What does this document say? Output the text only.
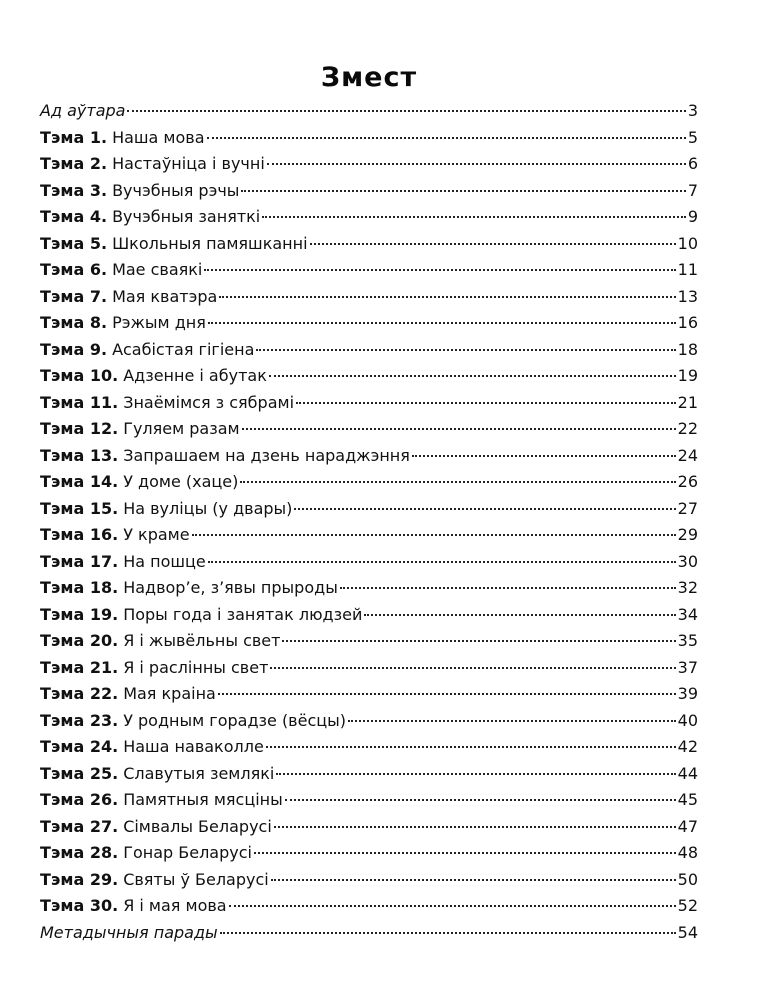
Змест
Ад аўтара	3
Тэма 1. Наша мова	5
Тэма 2. Настаўніца і вучні	6
Тэма 3. Вучэбныя рэчы	7
Тэма 4. Вучэбныя заняткі	9
Тэма 5. Школьныя памяшканні	10
Тэма 6. Мае сваякі	11
Тэма 7. Мая кватэра	13
Тэма 8. Рэжым дня	16
Тэма 9. Асабістая гігіена	18
Тэма 10. Адзенне і абутак	19
Тэма 11. Знаёмімся з сябрамі	21
Тэма 12. Гуляем разам	22
Тэма 13. Запрашаем на дзень нараджэння	24
Тэма 14. У доме (хаце)	26
Тэма 15. На вуліцы (у двары)	27
Тэма 16. У краме	29
Тэма 17. На пошце	30
Тэма 18. Надвор’е, з’явы прыроды	32
Тэма 19. Поры года і занятак людзей	34
Тэма 20. Я і жывёльны свет	35
Тэма 21. Я і раслінны свет	37
Тэма 22. Мая краіна	39
Тэма 23. У родным горадзе (вёсцы)	40
Тэма 24. Наша наваколле	42
Тэма 25. Славутыя землякі	44
Тэма 26. Памятныя мясціны	45
Тэма 27. Сімвалы Беларусі	47
Тэма 28. Гонар Беларусі	48
Тэма 29. Святы ў Беларусі	50
Тэма 30. Я і мая мова	52
Метадычныя парады	54
